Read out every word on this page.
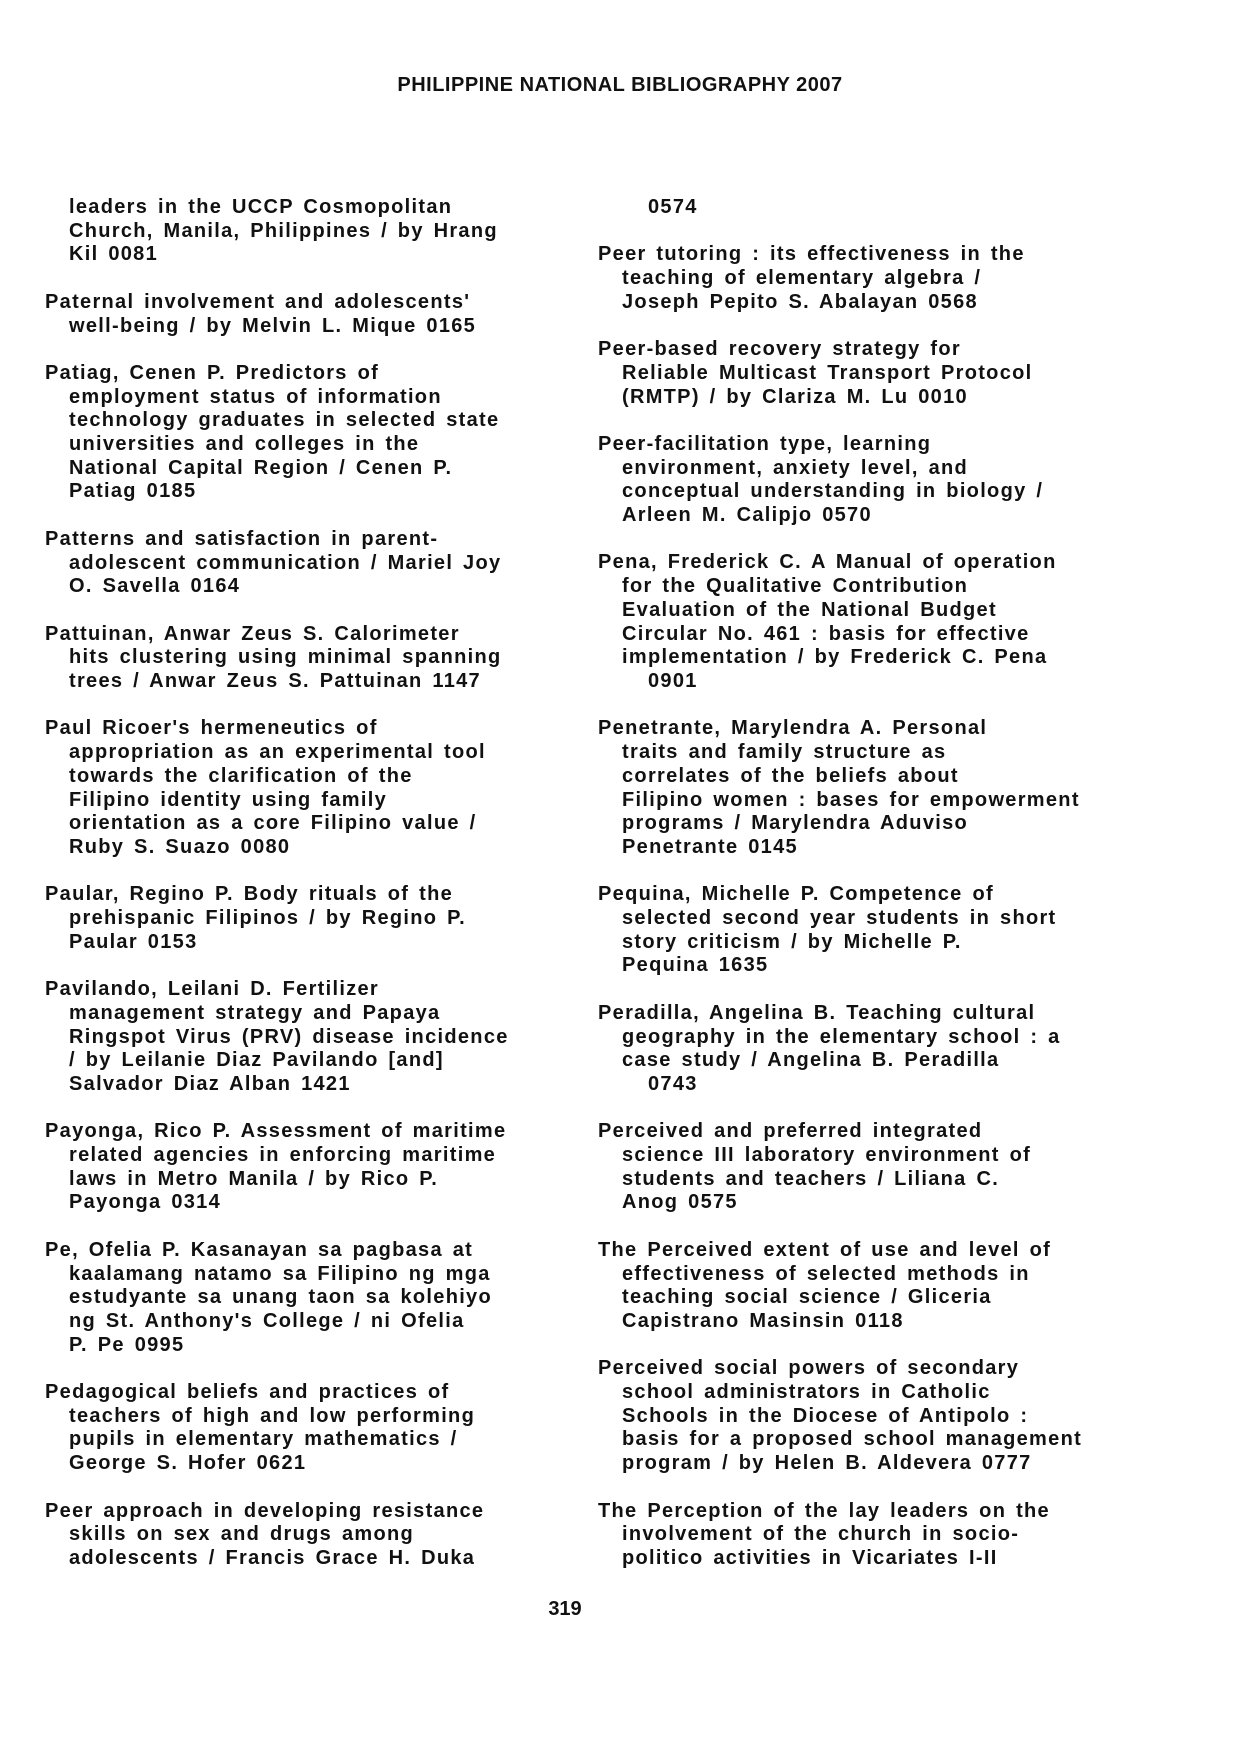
PHILIPPINE NATIONAL BIBLIOGRAPHY 2007
leaders in the UCCP Cosmopolitan
Church, Manila, Philippines / by Hrang
Kil 0081
Paternal involvement and adolescents'
well-being / by Melvin L. Mique 0165
Patiag, Cenen P. Predictors of
employment status of information
technology graduates in selected state
universities and colleges in the
National Capital Region / Cenen P.
Patiag 0185
Patterns and satisfaction in parent-
adolescent communication / Mariel Joy
O. Savella 0164
Pattuinan, Anwar Zeus S. Calorimeter
hits clustering using minimal spanning
trees / Anwar Zeus S. Pattuinan 1147
Paul Ricoer's hermeneutics of
appropriation as an experimental tool
towards the clarification of the
Filipino identity using family
orientation as a core Filipino value /
Ruby S. Suazo 0080
Paular, Regino P. Body rituals of the
prehispanic Filipinos / by Regino P.
Paular 0153
Pavilando, Leilani D. Fertilizer
management strategy and Papaya
Ringspot Virus (PRV) disease incidence
/ by Leilanie Diaz Pavilando [and]
Salvador Diaz Alban 1421
Payonga, Rico P. Assessment of maritime
related agencies in enforcing maritime
laws in Metro Manila / by Rico P.
Payonga 0314
Pe, Ofelia P. Kasanayan sa pagbasa at
kaalamang natamo sa Filipino ng mga
estudyante sa unang taon sa kolehiyo
ng St. Anthony's College / ni Ofelia
P. Pe 0995
Pedagogical beliefs and practices of
teachers of high and low performing
pupils in elementary mathematics /
George S. Hofer 0621
Peer approach in developing resistance
skills on sex and drugs among
adolescents / Francis Grace H. Duka
0574
Peer tutoring : its effectiveness in the
teaching of elementary algebra /
Joseph Pepito S. Abalayan 0568
Peer-based recovery strategy for
Reliable Multicast Transport Protocol
(RMTP) / by Clariza M. Lu 0010
Peer-facilitation type, learning
environment, anxiety level, and
conceptual understanding in biology /
Arleen M. Calipjo 0570
Pena, Frederick C. A Manual of operation
for the Qualitative Contribution
Evaluation of the National Budget
Circular No. 461 : basis for effective
implementation / by Frederick C. Pena
0901
Penetrante, Marylendra A. Personal
traits and family structure as
correlates of the beliefs about
Filipino women : bases for empowerment
programs / Marylendra Aduviso
Penetrante 0145
Pequina, Michelle P. Competence of
selected second year students in short
story criticism / by Michelle P.
Pequina 1635
Peradilla, Angelina B. Teaching cultural
geography in the elementary school : a
case study / Angelina B. Peradilla
0743
Perceived and preferred integrated
science III laboratory environment of
students and teachers / Liliana C.
Anog 0575
The Perceived extent of use and level of
effectiveness of selected methods in
teaching social science / Gliceria
Capistrano Masinsin 0118
Perceived social powers of secondary
school administrators in Catholic
Schools in the Diocese of Antipolo :
basis for a proposed school management
program / by Helen B. Aldevera 0777
The Perception of the lay leaders on the
involvement of the church in socio-
politico activities in Vicariates I-II
319
